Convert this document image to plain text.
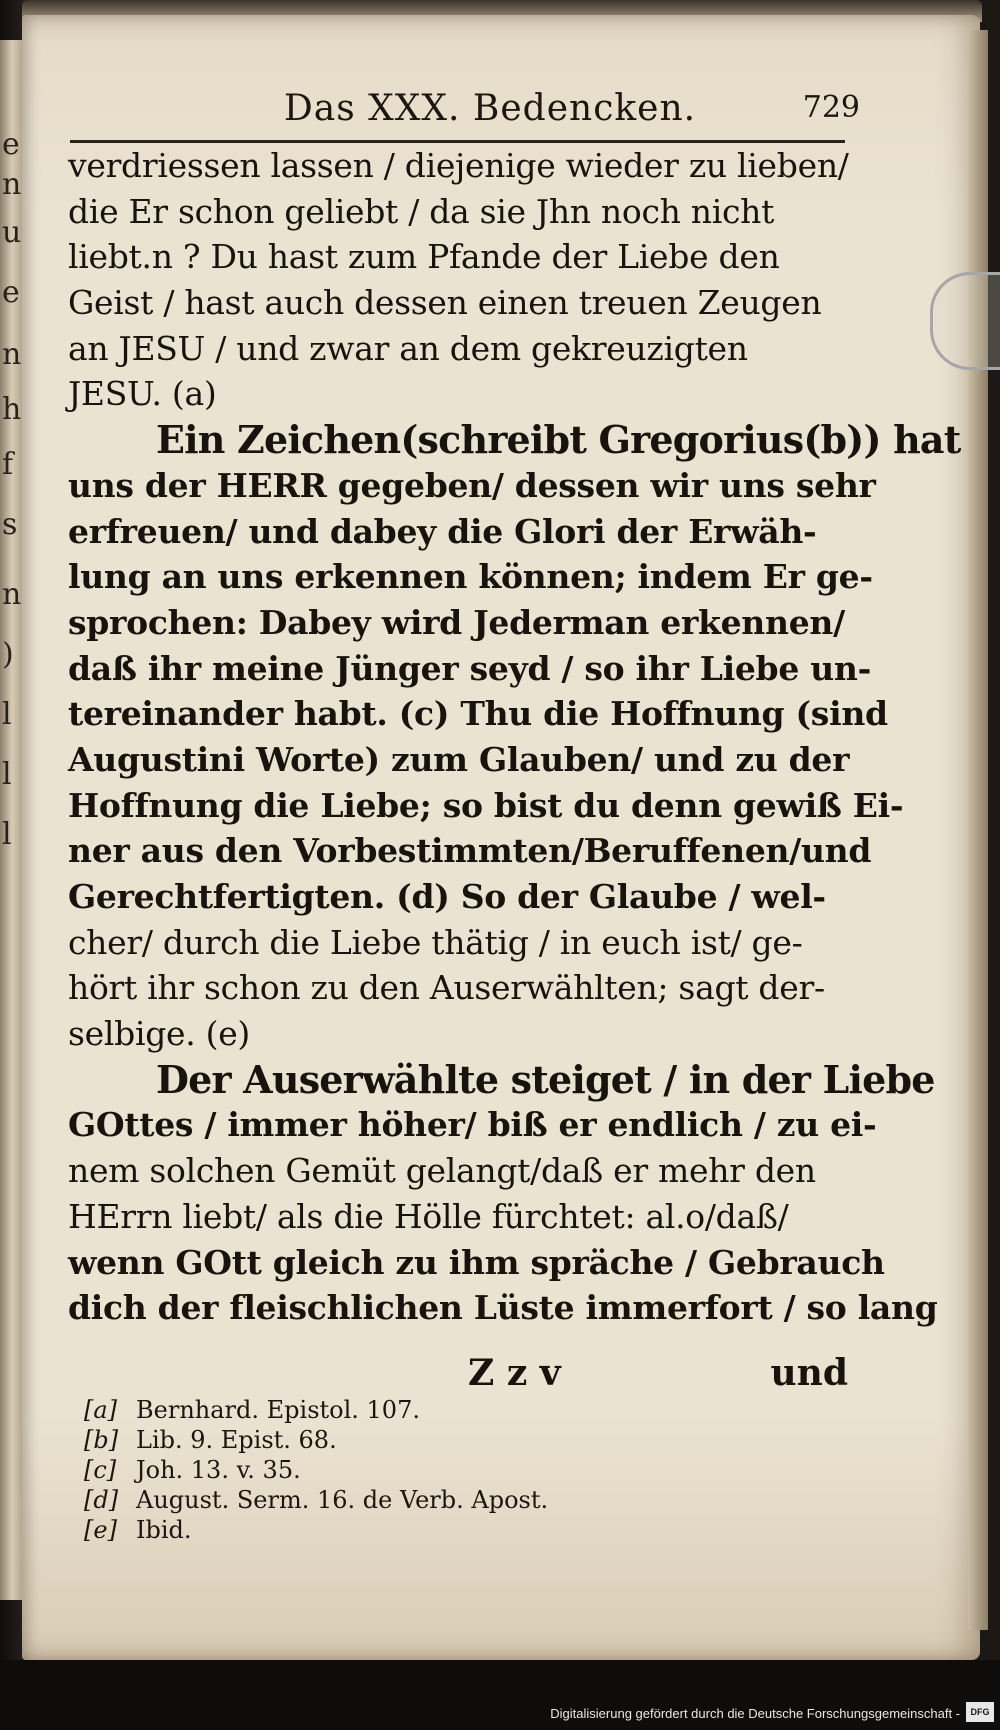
e
n
u
e
n
h
f
s
n
)
l
l
l
Das XXX. Bedencken.	729
verdriessen lassen / diejenige wieder zu lieben/
die Er schon geliebt / da sie Jhn noch nicht
liebt.n ? Du hast zum Pfande der Liebe den
Geist / hast auch dessen einen treuen Zeugen
an JESU / und zwar an dem gekreuzigten
JESU. (a)
Ein Zeichen(schreibt Gregorius(b)) hat
uns der HERR gegeben/ dessen wir uns sehr
erfreuen/ und dabey die Glori der Erwäh-
lung an uns erkennen können; indem Er ge-
sprochen: Dabey wird Jederman erkennen/
daß ihr meine Jünger seyd / so ihr Liebe un-
tereinander habt. (c) Thu die Hoffnung (sind
Augustini Worte) zum Glauben/ und zu der
Hoffnung die Liebe; so bist du denn gewiß Ei-
ner aus den Vorbestimmten/Beruffenen/und
Gerechtfertigten. (d) So der Glaube / wel-
cher/ durch die Liebe thätig / in euch ist/ ge-
hört ihr schon zu den Auserwählten; sagt der-
selbige. (e)
Der Auserwählte steiget / in der Liebe
GOttes / immer höher/ biß er endlich / zu ei-
nem solchen Gemüt gelangt/daß er mehr den
HErrn liebt/ als die Hölle fürchtet: al.o/daß/
wenn GOtt gleich zu ihm spräche / Gebrauch
dich der fleischlichen Lüste immerfort / so lang
Z z v	und
[a] Bernhard. Epistol. 107.
[b] Lib. 9. Epist. 68.
[c] Joh. 13. v. 35.
[d] August. Serm. 16. de Verb. Apost.
[e] Ibid.
Digitalisierung gefördert durch die Deutsche Forschungsgemeinschaft -	DFG
